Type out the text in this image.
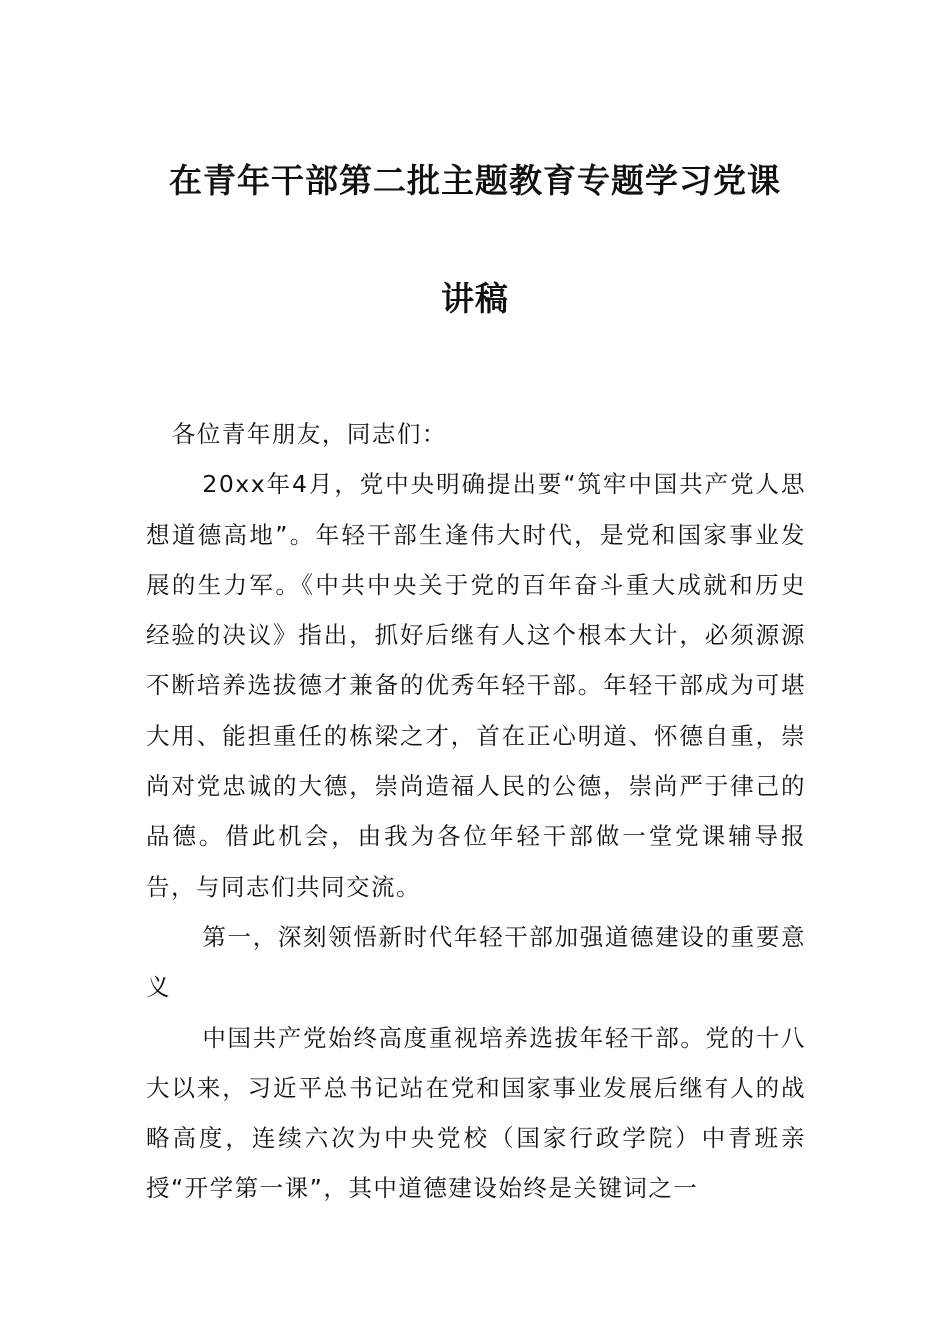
在青年干部第二批主题教育专题学习党课
讲稿

各位青年朋友，同志们：

20xx年4月，党中央明确提出要“筑牢中国共产党人思想道德高地”。年轻干部生逢伟大时代，是党和国家事业发展的生力军。《中共中央关于党的百年奋斗重大成就和历史经验的决议》指出，抓好后继有人这个根本大计，必须源源不断培养选拔德才兼备的优秀年轻干部。年轻干部成为可堪大用、能担重任的栋梁之才，首在正心明道、怀德自重，崇尚对党忠诚的大德，崇尚造福人民的公德，崇尚严于律己的品德。借此机会，由我为各位年轻干部做一堂党课辅导报告，与同志们共同交流。

第一，深刻领悟新时代年轻干部加强道德建设的重要意义

中国共产党始终高度重视培养选拔年轻干部。党的十八大以来，习近平总书记站在党和国家事业发展后继有人的战略高度，连续六次为中央党校（国家行政学院）中青班亲授“开学第一课”，其中道德建设始终是关键词之一
